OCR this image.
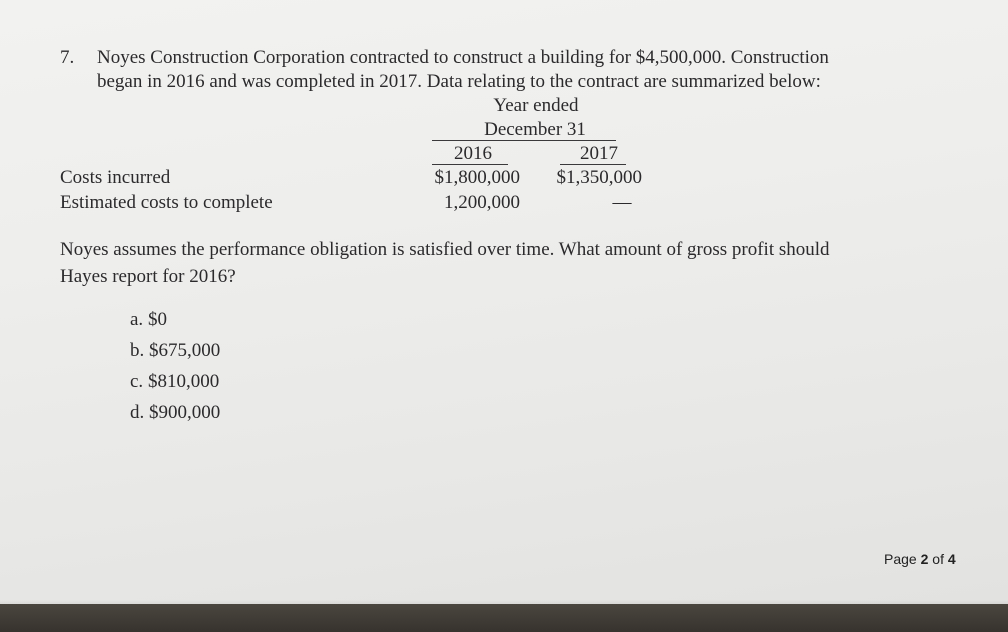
7. Noyes Construction Corporation contracted to construct a building for $4,500,000. Construction
began in 2016 and was completed in 2017. Data relating to the contract are summarized below:
Year ended
December 31
2016	2017
Costs incurred	$1,800,000	$1,350,000
Estimated costs to complete	1,200,000	—
Noyes assumes the performance obligation is satisfied over time. What amount of gross profit should
Hayes report for 2016?
a. $0
b. $675,000
c. $810,000
d. $900,000
Page 2 of 4
